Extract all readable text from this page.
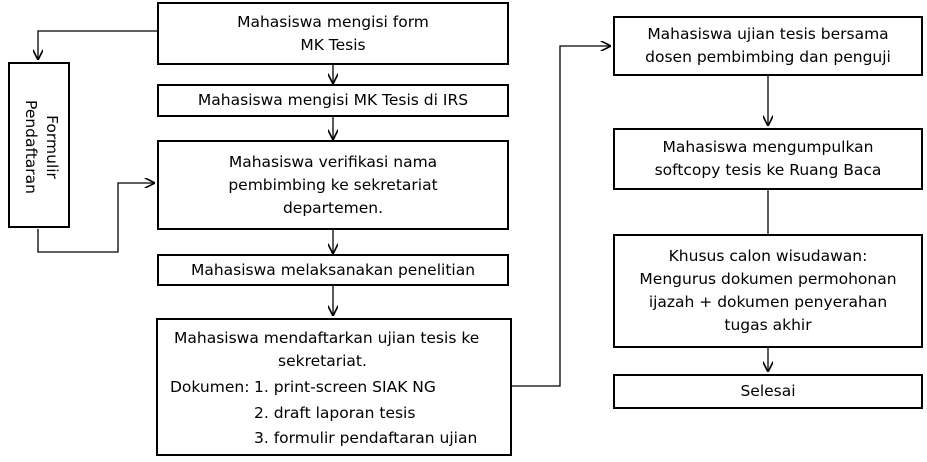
Mahasiswa mengisi form
MK Tesis
Mahasiswa mengisi MK Tesis di IRS
Mahasiswa verifikasi nama
pembimbing ke sekretariat
departemen.
Mahasiswa melaksanakan penelitian
Mahasiswa mendaftarkan ujian tesis ke
sekretariat.
Dokumen: 1. print-screen SIAK NG
2. draft laporan tesis
3. formulir pendaftaran ujian
Formulir
Pendaftaran
Mahasiswa ujian tesis bersama
dosen pembimbing dan penguji
Mahasiswa mengumpulkan
softcopy tesis ke Ruang Baca
Khusus calon wisudawan:
Mengurus dokumen permohonan
ijazah + dokumen penyerahan
tugas akhir
Selesai
